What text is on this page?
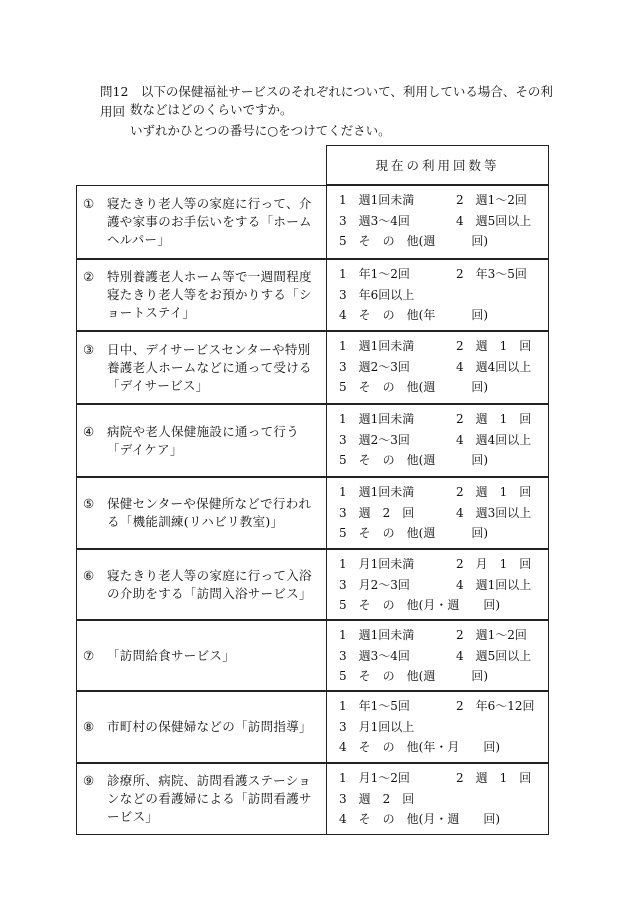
問12　以下の保健福祉サービスのそれぞれについて、利用している場合、その利用回 数などはどのくらいですか。
いずれかひとつの番号に○をつけてください。
現在の利用回数等
① 寝たきり老人等の家庭に行って、介護や家事のお手伝いをする「ホームヘルパー」
1　週1回未満	2　週1～2回
3　週3～4回	4　週5回以上
5　そ　の　他(週　　　回)
② 特別養護老人ホーム等で一週間程度寝たきり老人等をお預かりする「ショートステイ」
1　年1～2回	2　年3～5回
3　年6回以上
4　そ　の　他(年　　　回)
③ 日中、デイサービスセンターや特別養護老人ホームなどに通って受ける「デイサービス」
1　週1回未満	2　週　1　回
3　週2～3回	4　週4回以上
5　そ　の　他(週　　　回)
④ 病院や老人保健施設に通って行う「デイケア」
1　週1回未満	2　週　1　回
3　週2～3回	4　週4回以上
5　そ　の　他(週　　　回)
⑤ 保健センターや保健所などで行われる「機能訓練(リハビリ教室)」
1　週1回未満	2　週　1　回
3　週　2　回	4　週3回以上
5　そ　の　他(週　　　回)
⑥ 寝たきり老人等の家庭に行って入浴の介助をする「訪問入浴サービス」
1　月1回未満	2　月　1　回
3　月2～3回	4　週1回以上
5　そ　の　他(月・週　　回)
⑦ 「訪問給食サービス」
1　週1回未満	2　週1～2回
3　週3～4回	4　週5回以上
5　そ　の　他(週　　　回)
⑧ 市町村の保健婦などの「訪問指導」
1　年1～5回	2　年6～12回
3　月1回以上
4　そ　の　他(年・月　　回)
⑨ 診療所、病院、訪問看護ステーションなどの看護婦による「訪問看護サービス」
1　月1～2回	2　週　1　回
3　週　2　回
4　そ　の　他(月・週　　回)
